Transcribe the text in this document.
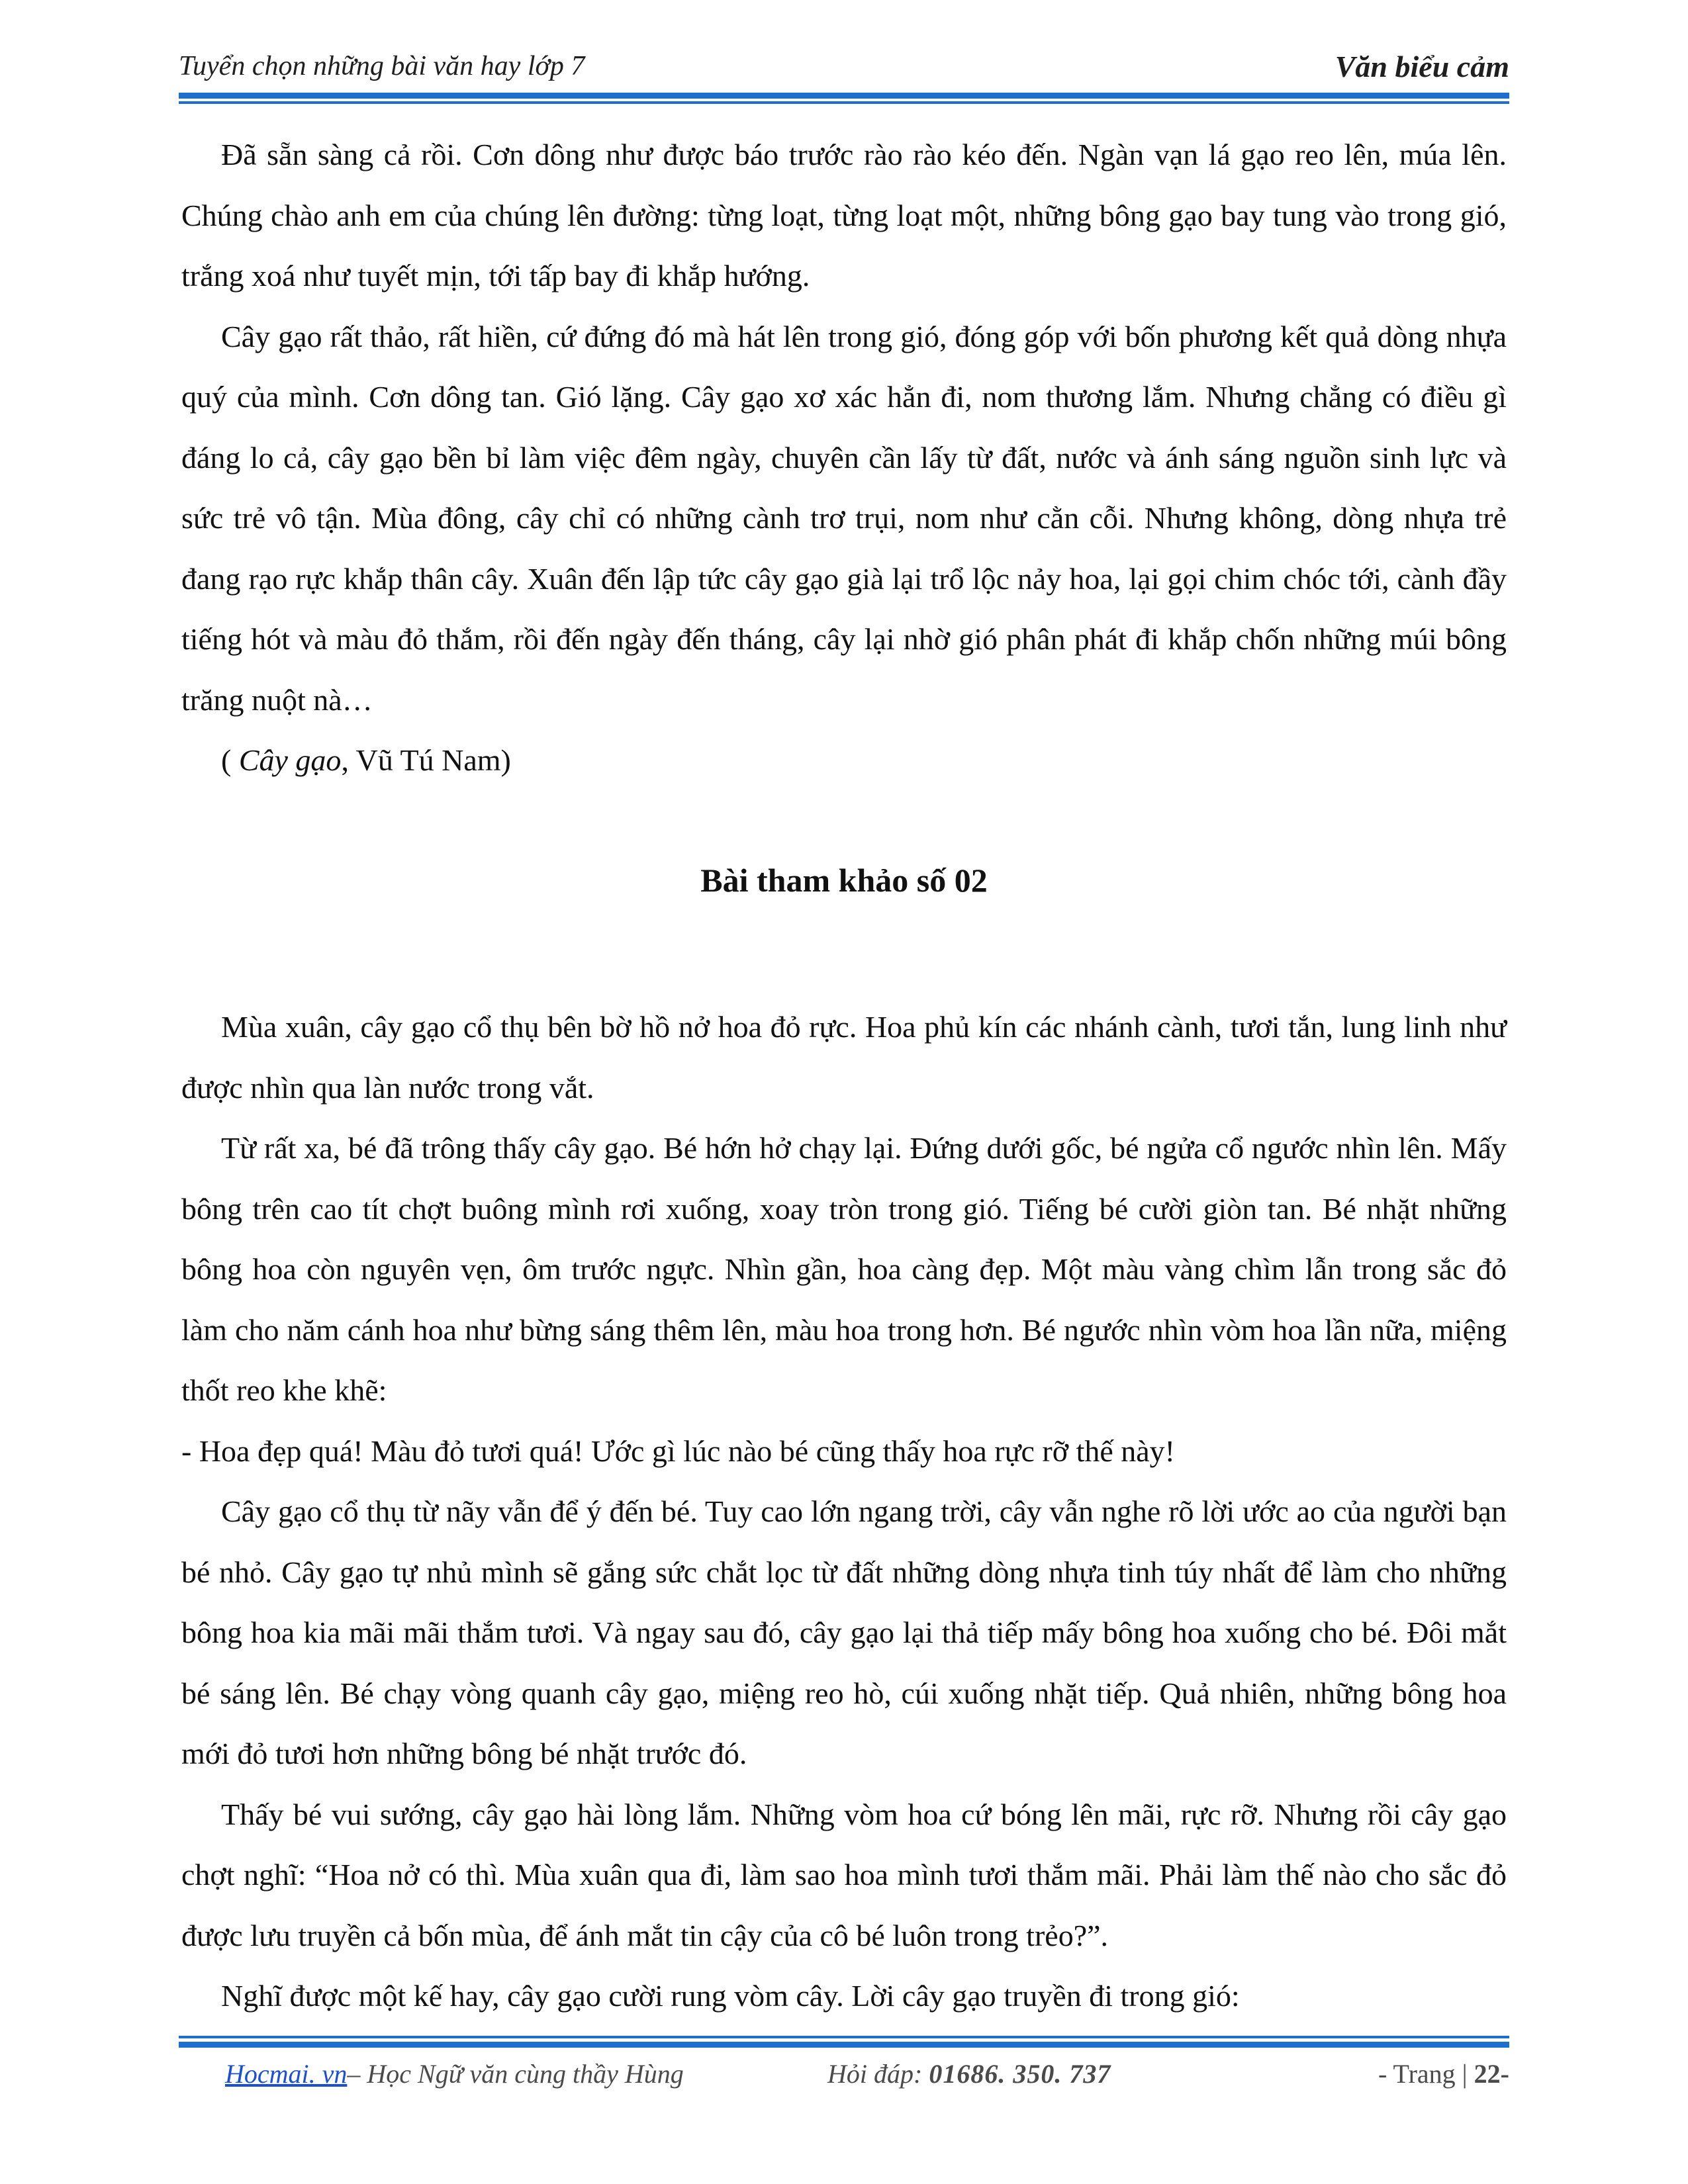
Tuyển chọn những bài văn hay lớp 7	Văn biểu cảm

Đã sẵn sàng cả rồi. Cơn dông như được báo trước rào rào kéo đến. Ngàn vạn lá gạo reo lên, múa lên. Chúng chào anh em của chúng lên đường: từng loạt, từng loạt một, những bông gạo bay tung vào trong gió, trắng xoá như tuyết mịn, tới tấp bay đi khắp hướng.

Cây gạo rất thảo, rất hiền, cứ đứng đó mà hát lên trong gió, đóng góp với bốn phương kết quả dòng nhựa quý của mình. Cơn dông tan. Gió lặng. Cây gạo xơ xác hẳn đi, nom thương lắm. Nhưng chẳng có điều gì đáng lo cả, cây gạo bền bỉ làm việc đêm ngày, chuyên cần lấy từ đất, nước và ánh sáng nguồn sinh lực và sức trẻ vô tận. Mùa đông, cây chỉ có những cành trơ trụi, nom như cằn cỗi. Nhưng không, dòng nhựa trẻ đang rạo rực khắp thân cây. Xuân đến lập tức cây gạo già lại trổ lộc nảy hoa, lại gọi chim chóc tới, cành đầy tiếng hót và màu đỏ thắm, rồi đến ngày đến tháng, cây lại nhờ gió phân phát đi khắp chốn những múi bông trăng nuột nà…

( Cây gạo, Vũ Tú Nam)

Bài tham khảo số 02

Mùa xuân, cây gạo cổ thụ bên bờ hồ nở hoa đỏ rực. Hoa phủ kín các nhánh cành, tươi tắn, lung linh như được nhìn qua làn nước trong vắt.

Từ rất xa, bé đã trông thấy cây gạo. Bé hớn hở chạy lại. Đứng dưới gốc, bé ngửa cổ ngước nhìn lên. Mấy bông trên cao tít chợt buông mình rơi xuống, xoay tròn trong gió. Tiếng bé cười giòn tan. Bé nhặt những bông hoa còn nguyên vẹn, ôm trước ngực. Nhìn gần, hoa càng đẹp. Một màu vàng chìm lẫn trong sắc đỏ làm cho năm cánh hoa như bừng sáng thêm lên, màu hoa trong hơn. Bé ngước nhìn vòm hoa lần nữa, miệng thốt reo khe khẽ:

- Hoa đẹp quá! Màu đỏ tươi quá! Ước gì lúc nào bé cũng thấy hoa rực rỡ thế này!

Cây gạo cổ thụ từ nãy vẫn để ý đến bé. Tuy cao lớn ngang trời, cây vẫn nghe rõ lời ước ao của người bạn bé nhỏ. Cây gạo tự nhủ mình sẽ gắng sức chắt lọc từ đất những dòng nhựa tinh túy nhất để làm cho những bông hoa kia mãi mãi thắm tươi. Và ngay sau đó, cây gạo lại thả tiếp mấy bông hoa xuống cho bé. Đôi mắt bé sáng lên. Bé chạy vòng quanh cây gạo, miệng reo hò, cúi xuống nhặt tiếp. Quả nhiên, những bông hoa mới đỏ tươi hơn những bông bé nhặt trước đó.

Thấy bé vui sướng, cây gạo hài lòng lắm. Những vòm hoa cứ bóng lên mãi, rực rỡ. Nhưng rồi cây gạo chợt nghĩ: “Hoa nở có thì. Mùa xuân qua đi, làm sao hoa mình tươi thắm mãi. Phải làm thế nào cho sắc đỏ được lưu truyền cả bốn mùa, để ánh mắt tin cậy của cô bé luôn trong trẻo?”.

Nghĩ được một kế hay, cây gạo cười rung vòm cây. Lời cây gạo truyền đi trong gió:

Hocmai. vn– Học Ngữ văn cùng thầy Hùng	Hỏi đáp: 01686. 350. 737	- Trang | 22-
